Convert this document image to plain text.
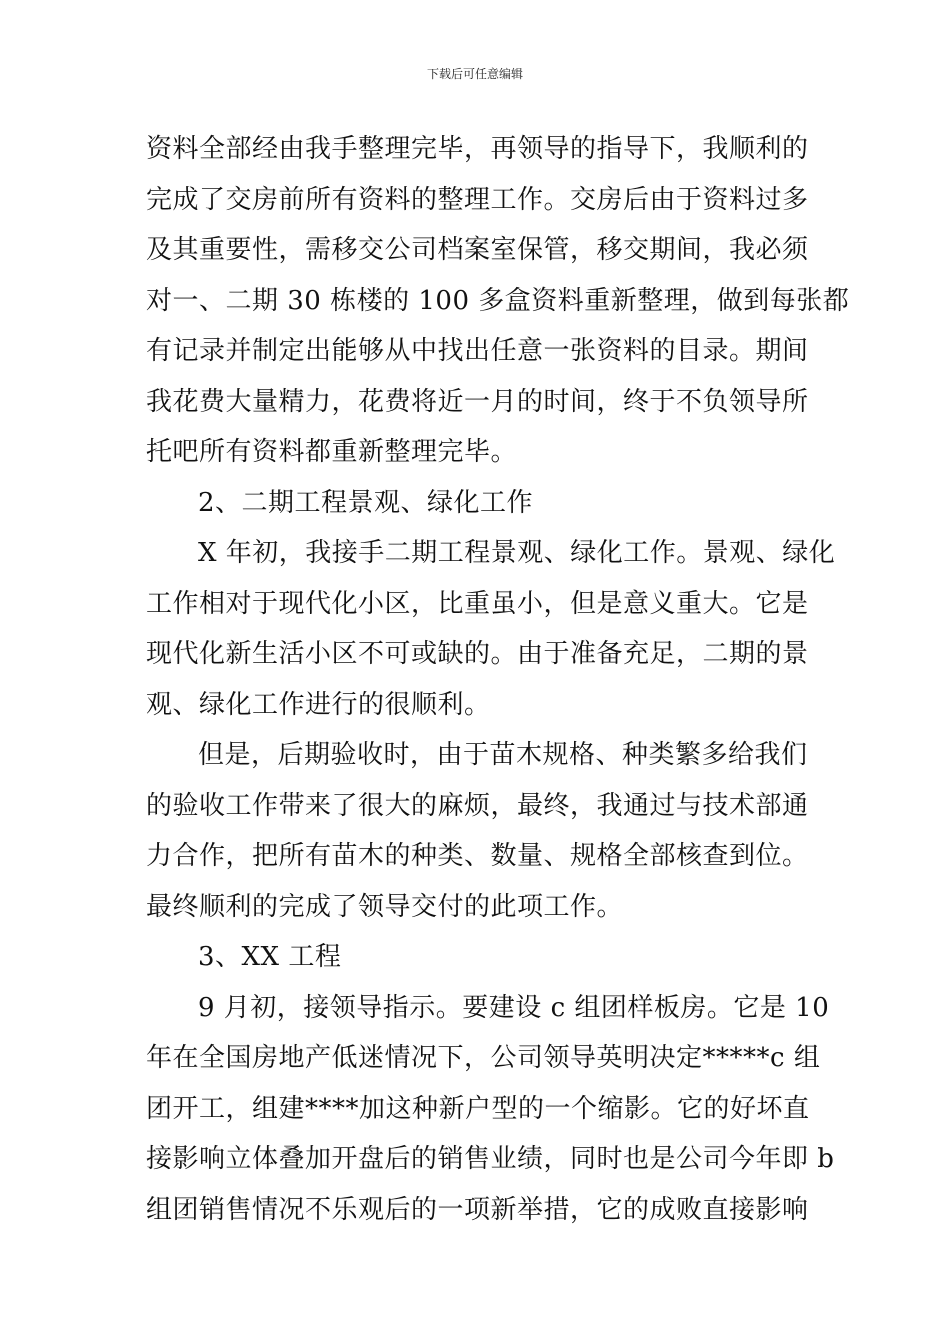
下载后可任意编辑
资料全部经由我手整理完毕，再领导的指导下，我顺利的
完成了交房前所有资料的整理工作。交房后由于资料过多
及其重要性，需移交公司档案室保管，移交期间，我必须
对一、二期 30 栋楼的 100 多盒资料重新整理，做到每张都
有记录并制定出能够从中找出任意一张资料的目录。期间
我花费大量精力，花费将近一月的时间，终于不负领导所
托吧所有资料都重新整理完毕。
2、二期工程景观、绿化工作
X 年初，我接手二期工程景观、绿化工作。景观、绿化
工作相对于现代化小区，比重虽小，但是意义重大。它是
现代化新生活小区不可或缺的。由于准备充足，二期的景
观、绿化工作进行的很顺利。
但是，后期验收时，由于苗木规格、种类繁多给我们
的验收工作带来了很大的麻烦，最终，我通过与技术部通
力合作，把所有苗木的种类、数量、规格全部核查到位。
最终顺利的完成了领导交付的此项工作。
3、XX 工程
9 月初，接领导指示。要建设 c 组团样板房。它是 10
年在全国房地产低迷情况下，公司领导英明决定*****c 组
团开工，组建****加这种新户型的一个缩影。它的好坏直
接影响立体叠加开盘后的销售业绩，同时也是公司今年即 b
组团销售情况不乐观后的一项新举措，它的成败直接影响
